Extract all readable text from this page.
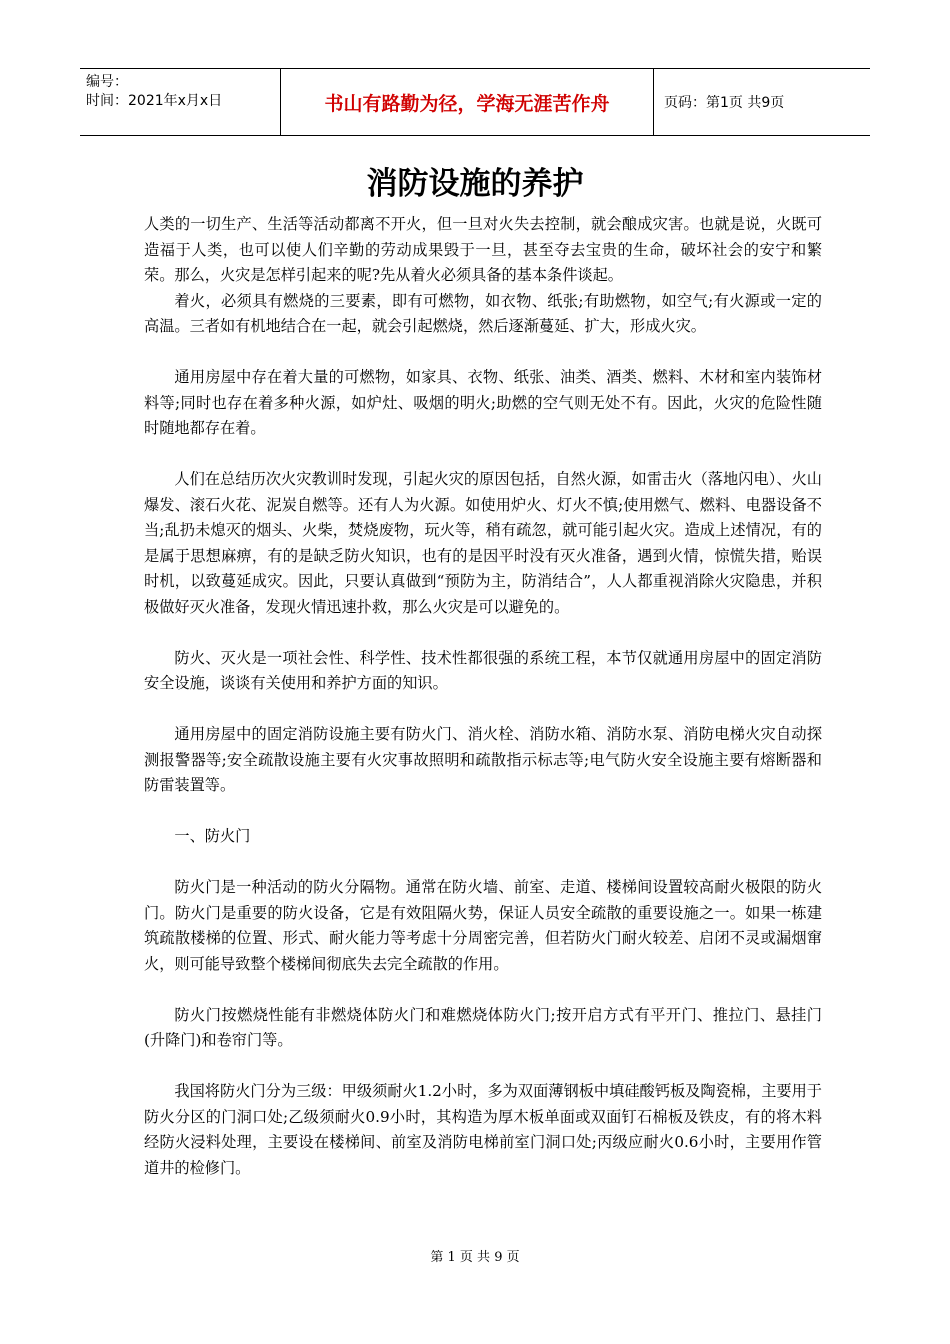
编号：
时间：2021年x月x日	书山有路勤为径，学海无涯苦作舟	页码：第1页 共9页
消防设施的养护

人类的一切生产、生活等活动都离不开火，但一旦对火失去控制，就会酿成灾害。也就是说，火既可造福于人类，也可以使人们辛勤的劳动成果毁于一旦，甚至夺去宝贵的生命，破坏社会的安宁和繁荣。那么，火灾是怎样引起来的呢?先从着火必须具备的基本条件谈起。

着火，必须具有燃烧的三要素，即有可燃物，如衣物、纸张;有助燃物，如空气;有火源或一定的高温。三者如有机地结合在一起，就会引起燃烧，然后逐渐蔓延、扩大，形成火灾。

通用房屋中存在着大量的可燃物，如家具、衣物、纸张、油类、酒类、燃料、木材和室内装饰材料等;同时也存在着多种火源，如炉灶、吸烟的明火;助燃的空气则无处不有。因此，火灾的危险性随时随地都存在着。

人们在总结历次火灾教训时发现，引起火灾的原因包括，自然火源，如雷击火（落地闪电）、火山爆发、滚石火花、泥炭自燃等。还有人为火源。如使用炉火、灯火不慎;使用燃气、燃料、电器设备不当;乱扔未熄灭的烟头、火柴，焚烧废物，玩火等，稍有疏忽，就可能引起火灾。造成上述情况，有的是属于思想麻痹，有的是缺乏防火知识，也有的是因平时没有灭火准备，遇到火情，惊慌失措，贻误时机，以致蔓延成灾。因此，只要认真做到“预防为主，防消结合”，人人都重视消除火灾隐患，并积极做好灭火准备，发现火情迅速扑救，那么火灾是可以避免的。

防火、灭火是一项社会性、科学性、技术性都很强的系统工程，本节仅就通用房屋中的固定消防安全设施，谈谈有关使用和养护方面的知识。

通用房屋中的固定消防设施主要有防火门、消火栓、消防水箱、消防水泵、消防电梯火灾自动探测报警器等;安全疏散设施主要有火灾事故照明和疏散指示标志等;电气防火安全设施主要有熔断器和防雷装置等。

一、防火门

防火门是一种活动的防火分隔物。通常在防火墙、前室、走道、楼梯间设置较高耐火极限的防火门。防火门是重要的防火设备，它是有效阻隔火势，保证人员安全疏散的重要设施之一。如果一栋建筑疏散楼梯的位置、形式、耐火能力等考虑十分周密完善，但若防火门耐火较差、启闭不灵或漏烟窜火，则可能导致整个楼梯间彻底失去完全疏散的作用。

防火门按燃烧性能有非燃烧体防火门和难燃烧体防火门;按开启方式有平开门、推拉门、悬挂门(升降门)和卷帘门等。

我国将防火门分为三级：甲级须耐火1.2小时，多为双面薄钢板中填硅酸钙板及陶瓷棉，主要用于防火分区的门洞口处;乙级须耐火0.9小时，其构造为厚木板单面或双面钉石棉板及铁皮，有的将木料经防火浸料处理，主要设在楼梯间、前室及消防电梯前室门洞口处;丙级应耐火0.6小时，主要用作管道井的检修门。

第 1 页 共 9 页
